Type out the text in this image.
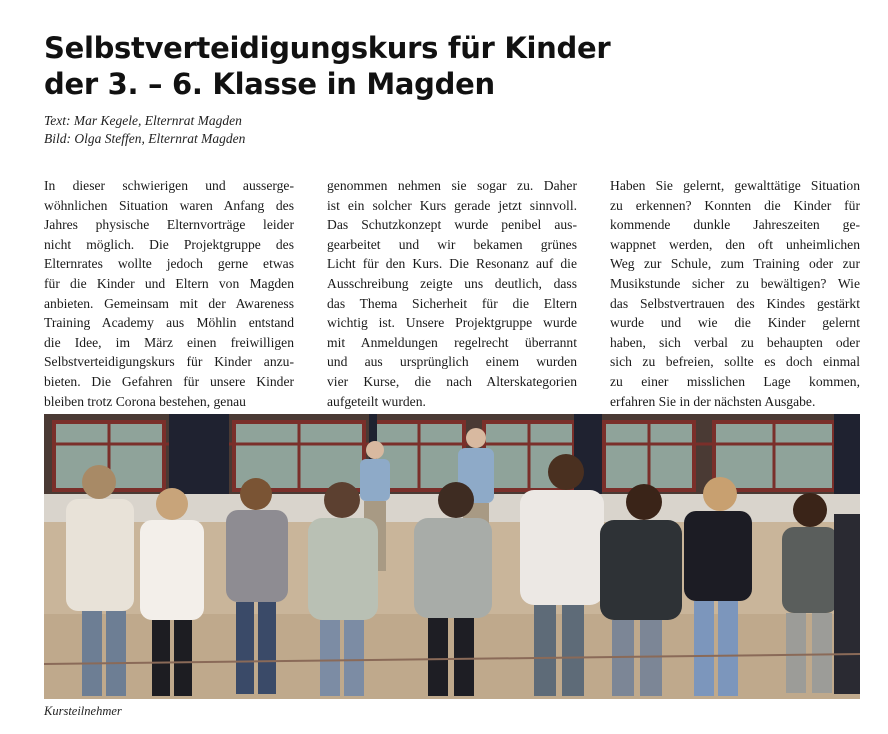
Selbstverteidigungskurs für Kinder
der 3. – 6. Klasse in Magden
Text: Mar Kegele, Elternrat Magden
Bild: Olga Steffen, Elternrat Magden
In dieser schwierigen und ausserge-
wöhnlichen Situation waren Anfang des
Jahres physische Elternvorträge leider
nicht möglich. Die Projektgruppe des
Elternrates wollte jedoch gerne etwas
für die Kinder und Eltern von Magden
anbieten. Gemeinsam mit der Awareness
Training Academy aus Möhlin entstand
die Idee, im März einen freiwilligen
Selbstverteidigungskurs für Kinder anzu-
bieten. Die Gefahren für unsere Kinder
bleiben trotz Corona bestehen, genau
genommen nehmen sie sogar zu. Daher
ist ein solcher Kurs gerade jetzt sinnvoll.
Das Schutzkonzept wurde penibel aus-
gearbeitet und wir bekamen grünes
Licht für den Kurs. Die Resonanz auf die
Ausschreibung zeigte uns deutlich, dass
das Thema Sicherheit für die Eltern
wichtig ist. Unsere Projektgruppe wurde
mit Anmeldungen regelrecht überrannt
und aus ursprünglich einem wurden
vier Kurse, die nach Alterskategorien
aufgeteilt wurden.
Haben Sie gelernt, gewalttätige Situation
zu erkennen? Konnten die Kinder für
kommende dunkle Jahreszeiten ge-
wappnet werden, den oft unheimlichen
Weg zur Schule, zum Training oder zur
Musikstunde sicher zu bewältigen? Wie
das Selbstvertrauen des Kindes gestärkt
wurde und wie die Kinder gelernt
haben, sich verbal zu behaupten oder
sich zu befreien, sollte es doch einmal
zu einer misslichen Lage kommen,
erfahren Sie in der nächsten Ausgabe.
Kursteilnehmer
